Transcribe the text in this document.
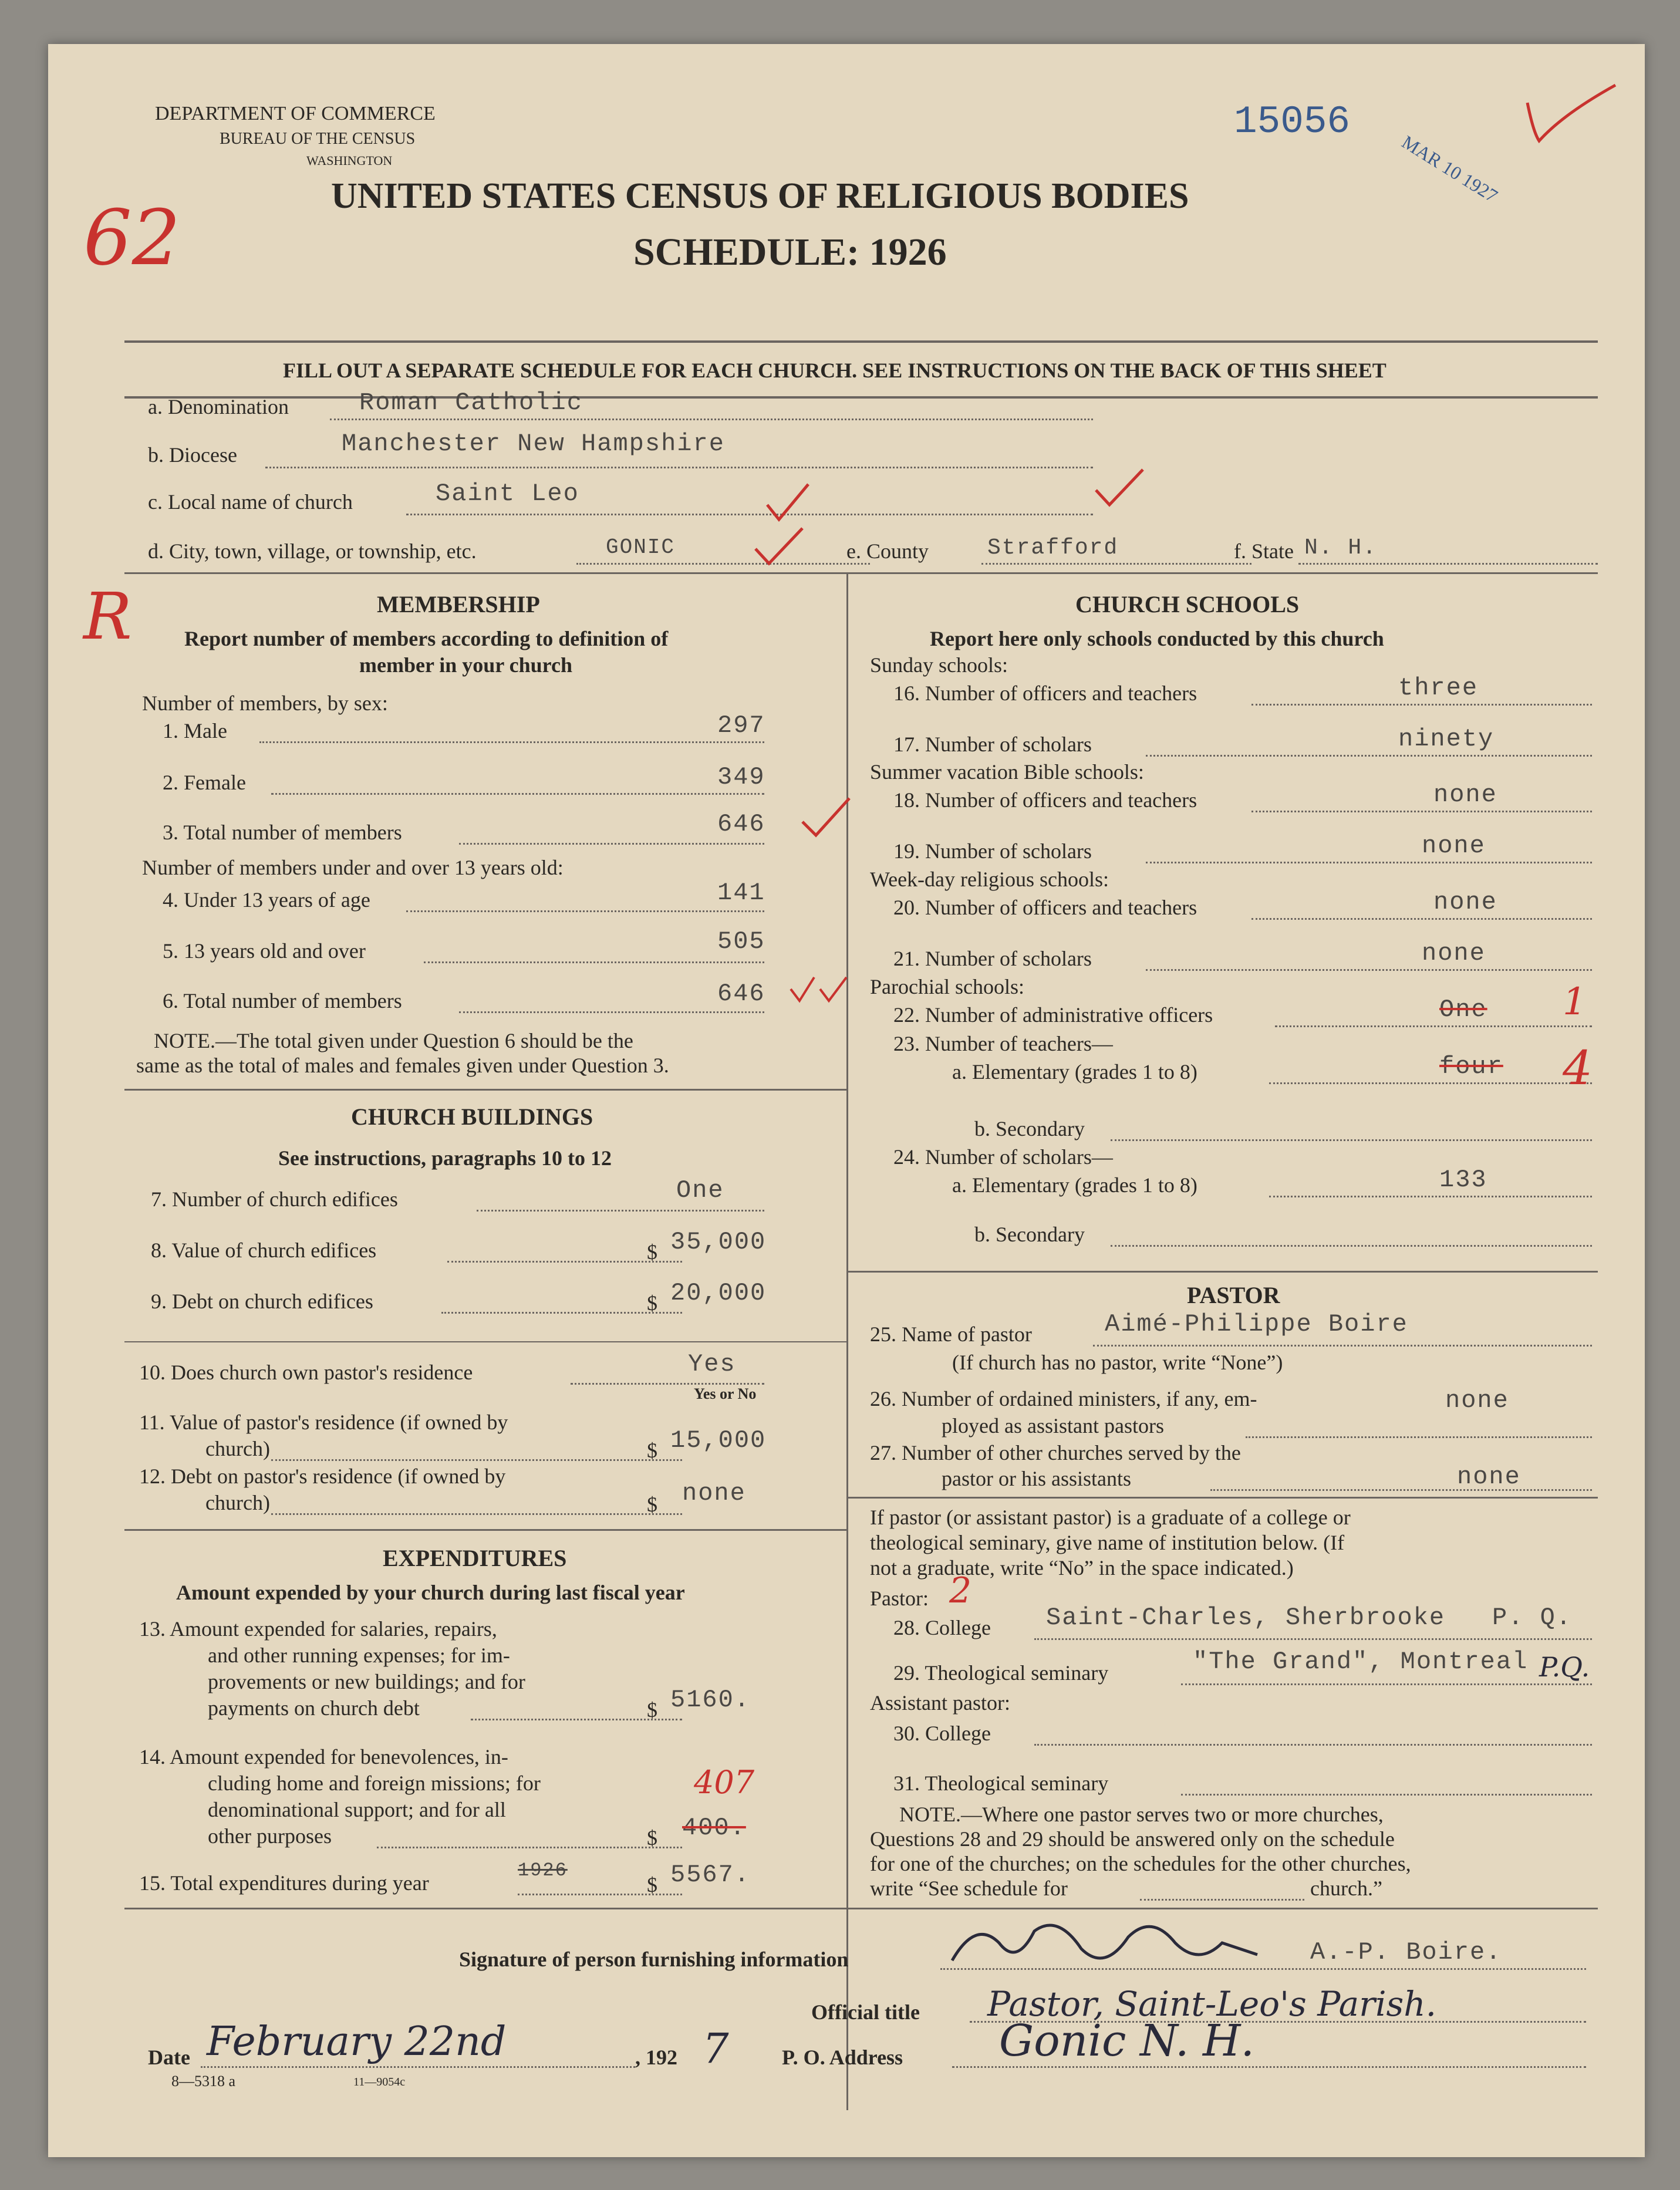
DEPARTMENT OF COMMERCE
BUREAU OF THE CENSUS
WASHINGTON
UNITED STATES CENSUS OF RELIGIOUS BODIES
SCHEDULE: 1926
15056
MAR 10 1927
62
R
FILL OUT A SEPARATE SCHEDULE FOR EACH CHURCH. SEE INSTRUCTIONS ON THE BACK OF THIS SHEET
a. Denomination	Roman Catholic
b. Diocese	Manchester New Hampshire
c. Local name of church	Saint Leo
d. City, town, village, or township, etc.	GONIC	e. County	Strafford	f. State N. H.
MEMBERSHIP
Report number of members according to definition of
member in your church
Number of members, by sex:
1. Male	297
2. Female	349
3. Total number of members	646
Number of members under and over 13 years old:
4. Under 13 years of age	141
5. 13 years old and over	505
6. Total number of members	646
NOTE.—The total given under Question 6 should be the
same as the total of males and females given under Question 3.
CHURCH BUILDINGS
See instructions, paragraphs 10 to 12
7. Number of church edifices	One
8. Value of church edifices	$ 35,000
9. Debt on church edifices	$ 20,000
10. Does church own pastor's residence	Yes
Yes or No
11. Value of pastor's residence (if owned by
church)	$ 15,000
12. Debt on pastor's residence (if owned by
church)	$ none
EXPENDITURES
Amount expended by your church during last fiscal year
13. Amount expended for salaries, repairs,
and other running expenses; for im-
provements or new buildings; and for
payments on church debt	$ 5160.
14. Amount expended for benevolences, in-
cluding home and foreign missions; for
denominational support; and for all
other purposes	$ 400.
407
15. Total expenditures during year
1926
$ 5567.
CHURCH SCHOOLS
Report here only schools conducted by this church
Sunday schools:
16. Number of officers and teachers	three
17. Number of scholars	ninety
Summer vacation Bible schools:
18. Number of officers and teachers	none
19. Number of scholars	none
Week-day religious schools:
20. Number of officers and teachers	none
21. Number of scholars	none
Parochial schools:
22. Number of administrative officers	One 1
23. Number of teachers—
a. Elementary (grades 1 to 8)	four 4
b. Secondary
24. Number of scholars—
a. Elementary (grades 1 to 8)	133
b. Secondary
PASTOR
25. Name of pastor	Aimé-Philippe Boire
(If church has no pastor, write “None”)
26. Number of ordained ministers, if any, em-
ployed as assistant pastors
none
27. Number of other churches served by the
pastor or his assistants	none
If pastor (or assistant pastor) is a graduate of a college or
theological seminary, give name of institution below. (If
not a graduate, write “No” in the space indicated.)
Pastor: 2
28. College Saint-Charles, Sherbrooke P. Q.
29. Theological seminary	"The Grand", Montreal P.Q.
Assistant pastor:
30. College
31. Theological seminary
NOTE.—Where one pastor serves two or more churches,
Questions 28 and 29 should be answered only on the schedule
for one of the churches; on the schedules for the other churches,
write “See schedule for	church.”
Signature of person furnishing information	A.-P. Boire.
Official title Pastor, Saint-Leo's Parish.
Date February 22nd	, 192 7	P. O. Address Gonic N. H.
8—5318 a	11—9054c
